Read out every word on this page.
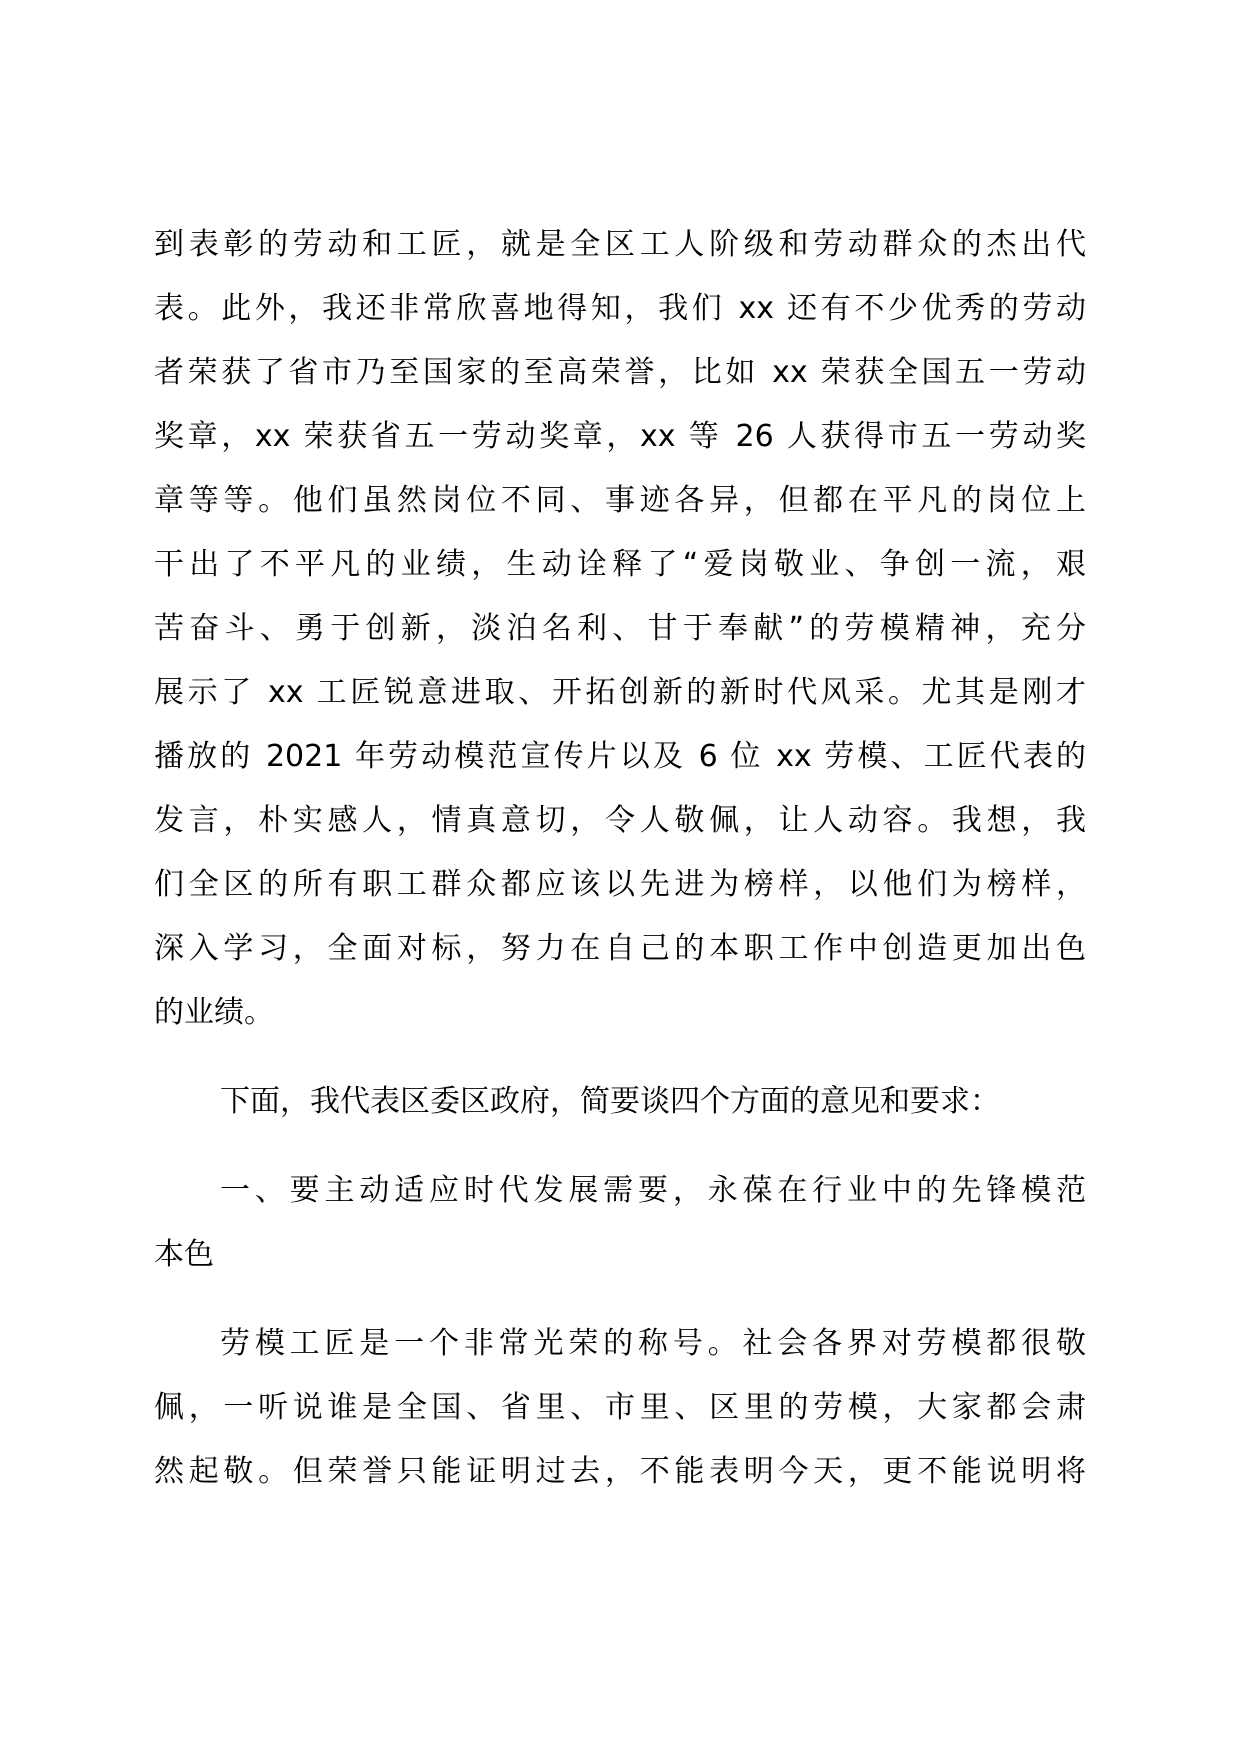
到表彰的劳动和工匠，就是全区工人阶级和劳动群众的杰出代
表。此外，我还非常欣喜地得知，我们 xx 还有不少优秀的劳动
者荣获了省市乃至国家的至高荣誉，比如 xx 荣获全国五一劳动
奖章，xx 荣获省五一劳动奖章，xx 等 26 人获得市五一劳动奖
章等等。他们虽然岗位不同、事迹各异，但都在平凡的岗位上
干出了不平凡的业绩，生动诠释了“爱岗敬业、争创一流，艰
苦奋斗、勇于创新，淡泊名利、甘于奉献”的劳模精神，充分
展示了 xx 工匠锐意进取、开拓创新的新时代风采。尤其是刚才
播放的 2021 年劳动模范宣传片以及 6 位 xx 劳模、工匠代表的
发言，朴实感人，情真意切，令人敬佩，让人动容。我想，我
们全区的所有职工群众都应该以先进为榜样，以他们为榜样，
深入学习，全面对标，努力在自己的本职工作中创造更加出色
的业绩。
下面，我代表区委区政府，简要谈四个方面的意见和要求：
一、要主动适应时代发展需要，永葆在行业中的先锋模范
本色
劳模工匠是一个非常光荣的称号。社会各界对劳模都很敬
佩，一听说谁是全国、省里、市里、区里的劳模，大家都会肃
然起敬。但荣誉只能证明过去，不能表明今天，更不能说明将
